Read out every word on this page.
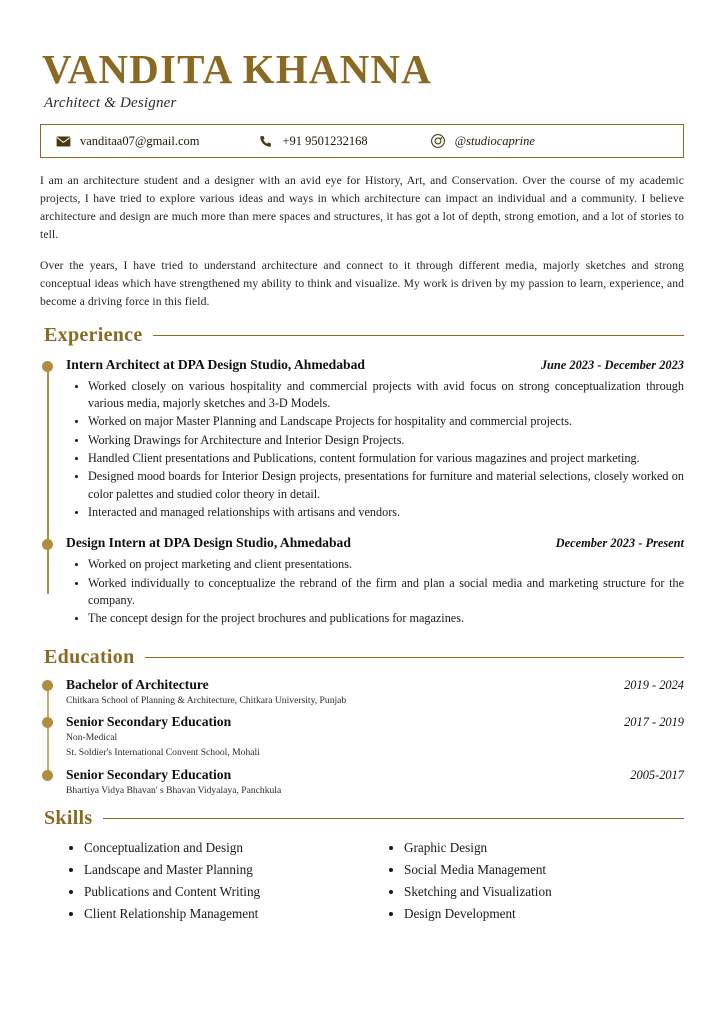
VANDITA KHANNA
Architect & Designer
vanditaa07@gmail.com	+91 9501232168	@studiocaprine

I am an architecture student and a designer with an avid eye for History, Art, and Conservation. Over the course of my academic projects, I have tried to explore various ideas and ways in which architecture can impact an individual and a community. I believe architecture and design are much more than mere spaces and structures, it has got a lot of depth, strong emotion, and a lot of stories to tell.

Over the years, I have tried to understand architecture and connect to it through different media, majorly sketches and strong conceptual ideas which have strengthened my ability to think and visualize. My work is driven by my passion to learn, experience, and become a driving force in this field.

Experience
Intern Architect at DPA Design Studio, Ahmedabad	June 2023 - December 2023
• Worked closely on various hospitality and commercial projects with avid focus on strong conceptualization through various media, majorly sketches and 3-D Models.
• Worked on major Master Planning and Landscape Projects for hospitality and commercial projects.
• Working Drawings for Architecture and Interior Design Projects.
• Handled Client presentations and Publications, content formulation for various magazines and project marketing.
• Designed mood boards for Interior Design projects, presentations for furniture and material selections, closely worked on color palettes and studied color theory in detail.
• Interacted and managed relationships with artisans and vendors.
Design Intern at DPA Design Studio, Ahmedabad	December 2023 - Present
• Worked on project marketing and client presentations.
• Worked individually to conceptualize the rebrand of the firm and plan a social media and marketing structure for the company.
• The concept design for the project brochures and publications for magazines.
Education
Bachelor of Architecture	2019 - 2024
Chitkara School of Planning & Architecture, Chitkara University, Punjab
Senior Secondary Education	2017 - 2019
Non-Medical
St. Soldier's International Convent School, Mohali
Senior Secondary Education	2005-2017
Bhartiya Vidya Bhavan' s Bhavan Vidyalaya, Panchkula
Skills
• Conceptualization and Design
• Landscape and Master Planning
• Publications and Content Writing
• Client Relationship Management
• Graphic Design
• Social Media Management
• Sketching and Visualization
• Design Development
